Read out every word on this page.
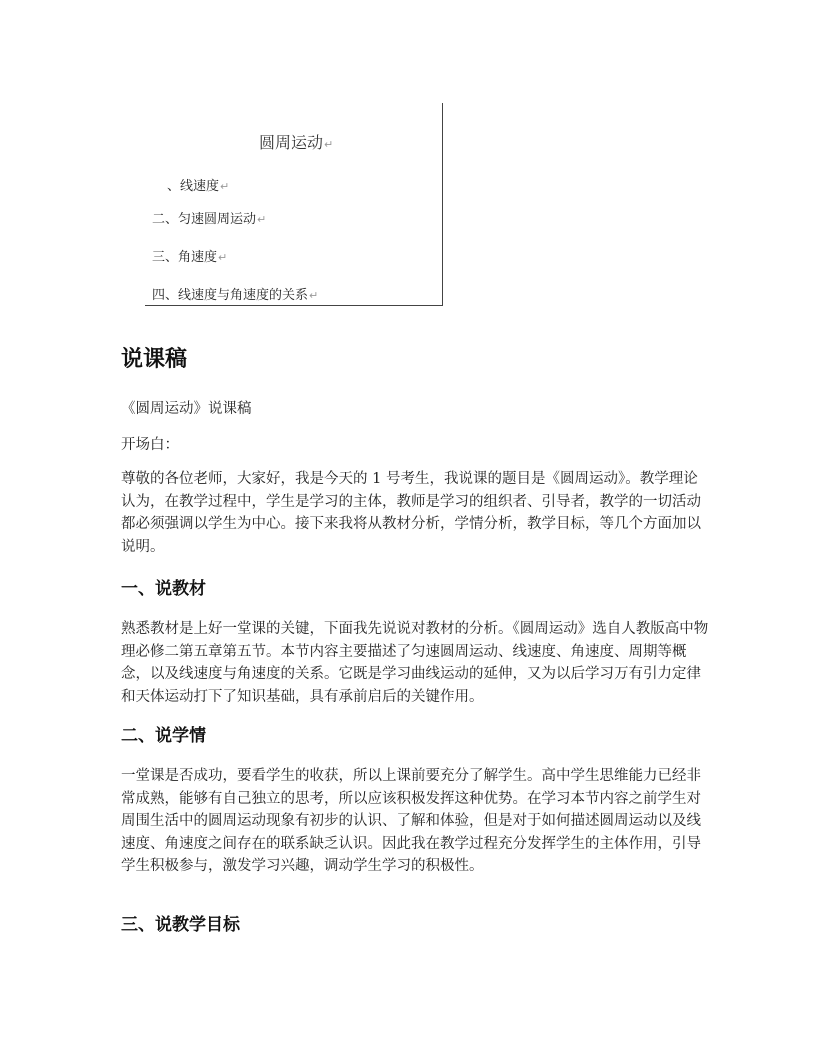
圆周运动↵
、线速度↵
二、匀速圆周运动↵
三、角速度↵
四、线速度与角速度的关系↵
说课稿

《圆周运动》说课稿

开场白：

尊敬的各位老师，大家好，我是今天的 1 号考生，我说课的题目是《圆周运动》。教学理论认为，在教学过程中，学生是学习的主体，教师是学习的组织者、引导者，教学的一切活动都必须强调以学生为中心。接下来我将从教材分析，学情分析，教学目标，等几个方面加以说明。

一、说教材

熟悉教材是上好一堂课的关键，下面我先说说对教材的分析。《圆周运动》选自人教版高中物理必修二第五章第五节。本节内容主要描述了匀速圆周运动、线速度、角速度、周期等概念，以及线速度与角速度的关系。它既是学习曲线运动的延伸，又为以后学习万有引力定律和天体运动打下了知识基础，具有承前启后的关键作用。

二、说学情

一堂课是否成功，要看学生的收获，所以上课前要充分了解学生。高中学生思维能力已经非常成熟，能够有自己独立的思考，所以应该积极发挥这种优势。在学习本节内容之前学生对周围生活中的圆周运动现象有初步的认识、了解和体验，但是对于如何描述圆周运动以及线速度、角速度之间存在的联系缺乏认识。因此我在教学过程充分发挥学生的主体作用，引导学生积极参与，激发学习兴趣，调动学生学习的积极性。

三、说教学目标
